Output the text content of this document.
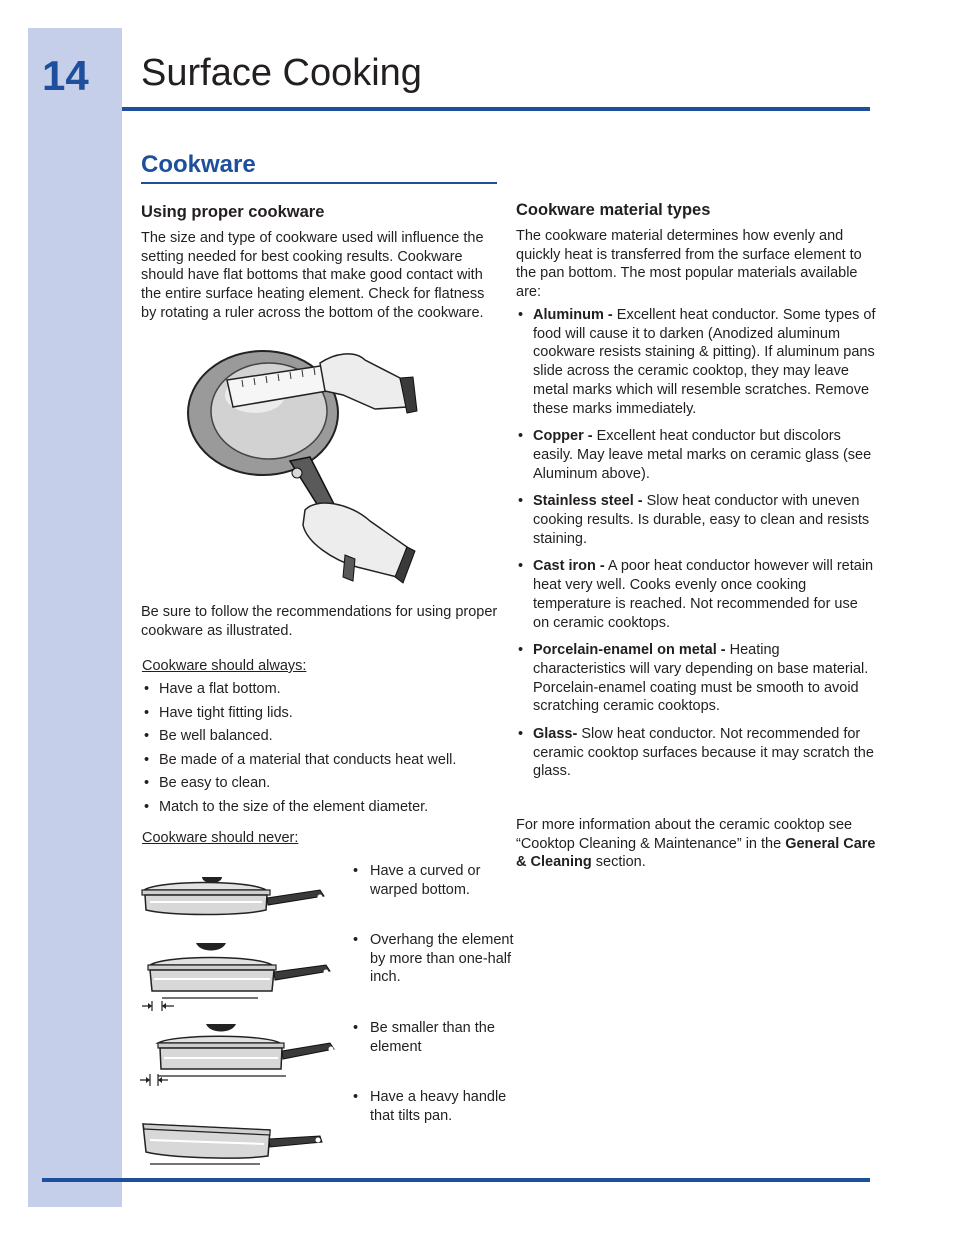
14 Surface Cooking
Cookware
Using proper cookware
The size and type of cookware used will influence the setting needed for best cooking results. Cookware should have flat bottoms that make good contact with the entire surface heating element. Check for flatness by rotating a ruler across the bottom of the cookware.
Be sure to follow the recommendations for using proper cookware as illustrated.
Cookware should always:
• Have a flat bottom.
• Have tight fitting lids.
• Be well balanced.
• Be made of a material that conducts heat well.
• Be easy to clean.
• Match to the size of the element diameter.
Cookware should never:
• Have a curved or warped bottom.
• Overhang the element by more than one-half inch.
• Be smaller than the element
• Have a heavy handle that tilts pan.
Cookware material types
The cookware material determines how evenly and quickly heat is transferred from the surface element to the pan bottom. The most popular materials available are:
• Aluminum - Excellent heat conductor. Some types of food will cause it to darken (Anodized aluminum cookware resists staining & pitting). If aluminum pans slide across the ceramic cooktop, they may leave metal marks which will resemble scratches. Remove these marks immediately.
• Copper - Excellent heat conductor but discolors easily. May leave metal marks on ceramic glass (see Aluminum above).
• Stainless steel - Slow heat conductor with uneven cooking results. Is durable, easy to clean and resists staining.
• Cast iron - A poor heat conductor however will retain heat very well. Cooks evenly once cooking temperature is reached. Not recommended for use on ceramic cooktops.
• Porcelain-enamel on metal - Heating characteristics will vary depending on base material. Porcelain-enamel coating must be smooth to avoid scratching ceramic cooktops.
• Glass- Slow heat conductor. Not recommended for ceramic cooktop surfaces because it may scratch the glass.
For more information about the ceramic cooktop see “Cooktop Cleaning & Maintenance” in the General Care & Cleaning section.
